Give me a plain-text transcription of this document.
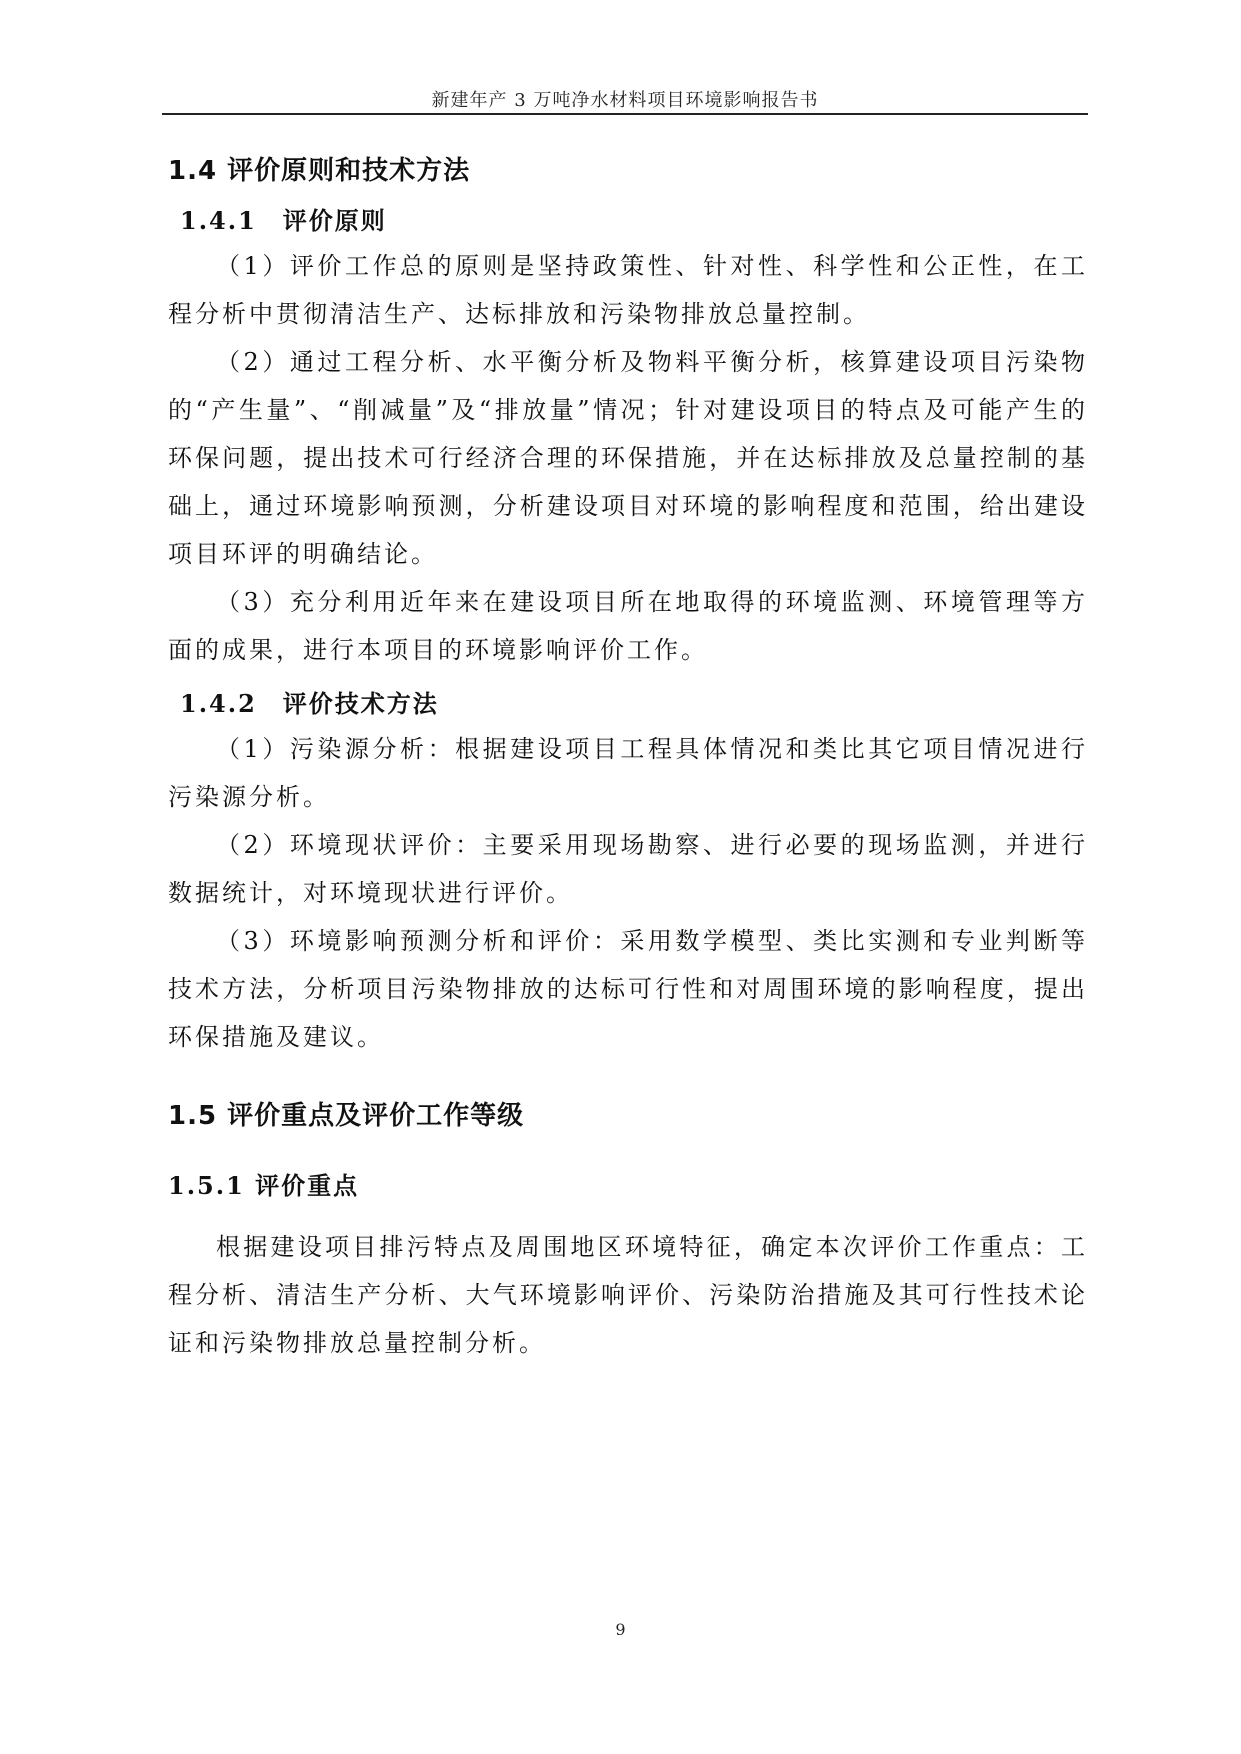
新建年产 3 万吨净水材料项目环境影响报告书
1.4 评价原则和技术方法
1.4.1　评价原则

（1）评价工作总的原则是坚持政策性、针对性、科学性和公正性，在工程分析中贯彻清洁生产、达标排放和污染物排放总量控制。

（2）通过工程分析、水平衡分析及物料平衡分析，核算建设项目污染物的“产生量”、“削减量”及“排放量”情况；针对建设项目的特点及可能产生的环保问题，提出技术可行经济合理的环保措施，并在达标排放及总量控制的基础上，通过环境影响预测，分析建设项目对环境的影响程度和范围，给出建设项目环评的明确结论。

（3）充分利用近年来在建设项目所在地取得的环境监测、环境管理等方面的成果，进行本项目的环境影响评价工作。

1.4.2　评价技术方法

（1）污染源分析：根据建设项目工程具体情况和类比其它项目情况进行污染源分析。

（2）环境现状评价：主要采用现场勘察、进行必要的现场监测，并进行数据统计，对环境现状进行评价。

（3）环境影响预测分析和评价：采用数学模型、类比实测和专业判断等技术方法，分析项目污染物排放的达标可行性和对周围环境的影响程度，提出环保措施及建议。

1.5 评价重点及评价工作等级
1.5.1 评价重点

根据建设项目排污特点及周围地区环境特征，确定本次评价工作重点：工程分析、清洁生产分析、大气环境影响评价、污染防治措施及其可行性技术论证和污染物排放总量控制分析。

9
